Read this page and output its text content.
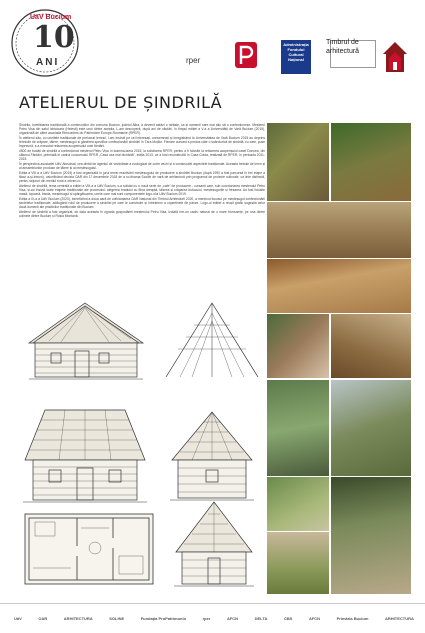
UäV Bucium
10
ANI	rper
Administrația Fondului Cultural Național
Timbrul de arhitectură
ATELIERUL DE ȘINDRILĂ

Șindrila, învelitoarea tradițională a construcțiilor din comuna Bucium, județul Alba, a devenit astăzi o raritate, ca și oamenii care mai știu să o confecționeze. Meșterul Petru Vișa din satul Izbicioara (Helești) este unul dintre aceștia. L-am descoperit, după ani de căutări, în timpul ediției a V-a a Universității de Vară Bucium (2015), organizată de către asociația Rimcontres du Patrimoine Europe-Roumanie (RPER).

În atelierul său, cu uneltele tradiționale de prelucrat lemnul, l-am instruit pe cei interesați, consemnați și înregistrând la Universitatea de Vară Bucium 2015 au deprins tehnicile de crăpare, tăiere, meșteșugul și gândirea specifice confecționării șindrilei în Țara Moților. Fiecare cursant a produs câte o scândurică de șindrilă, cu care, puse împreună, s-a executat refacerea acoperișului unei fântâni.

4500 de bucăți de șindrilă a confecționat meșterul Petru Vișa în toamna-iarna 2015, la solicitarea RPER, pentru a fi folosite la refacerea acoperișului casei Doncea, din cătunul Fântâni, premiată în cadrul concursului RPER „Casa cea mai dichisită”, ediția 2013, ce a fost reconstruită în Casa Colda, realizată de RPER, în perioada 2011-2015.

În perspectiva asociației UäV Abrudsat, cea dintâi de agentul de vecinătate a ecologizat de curte vechi și a construcției aspectele tradiționale. Aceasta trebuie de lemn și al ansamblurilor produse de tăiere și al meșteșugului.

Ediția a VIII-a a UäV Bucium (2019) a fost organizată în jurul temei reactivării meșteșugului de producere a șindrilei Bucium (după 1990 a fost parcursă în trei etape a făcut a-şi-întruni), valorificând decizia OAR din 17 decembrie 2018 de a co-finanța Școlile de vară de arhitectură prin programul de proiecte culturale, ca linie distinctă, pentru sejururi din mediul rural a ortveri-ro.

Atelierul de șindrilă, tema centrală a ediției a VIII-a a UäV Bucium, s-a solidat cu o nouă serie de „cafe” de producere - cursanți care, sub coordonarea meșterului Petru Vișa, și-au însușit toate etapele tradiționale ale procesului: alegerea bradului cu fibra dreaptă, tăierea și crăparea butucului, meșteșugurile și frezarea. Au fost folosite masă, topoară, barda, meșteșugul și spărgătoarea, unele care mai sunt componentele logo-ului UäV Bucium 2019.

Ediția a IX-a a UäV Bucium (2020), beneficiind a doua oară de cofinanțarea OAR Național din Timbrul Arhitecturii 2020, a menținut focusul pe meșteșugul confecționării șindrilelor tradiționale, adăugând rolul de producere a șindrilei pe care le construim și întreținem a copertinele de pânze. Logo-ul ediției a reușit grafic sugestia celor două domenii ale practicilor tradiționale din Bucium.

Atelierul de șindrilă a fost organizat, de data aceasta în ograda gospodăriei meșterului Petru Vișa, izolată într-un cadru natural de o mare frumusețe, pe una dintre colinele dintre Bucium și Roșia Montană.

UäV	OAR	ARHITECTURA	SOLINE	Fundația ProPatrimonio	rper	AFCN	DELTA	CBS	AFCN	Primăria Bucium	ARHITECTURA
